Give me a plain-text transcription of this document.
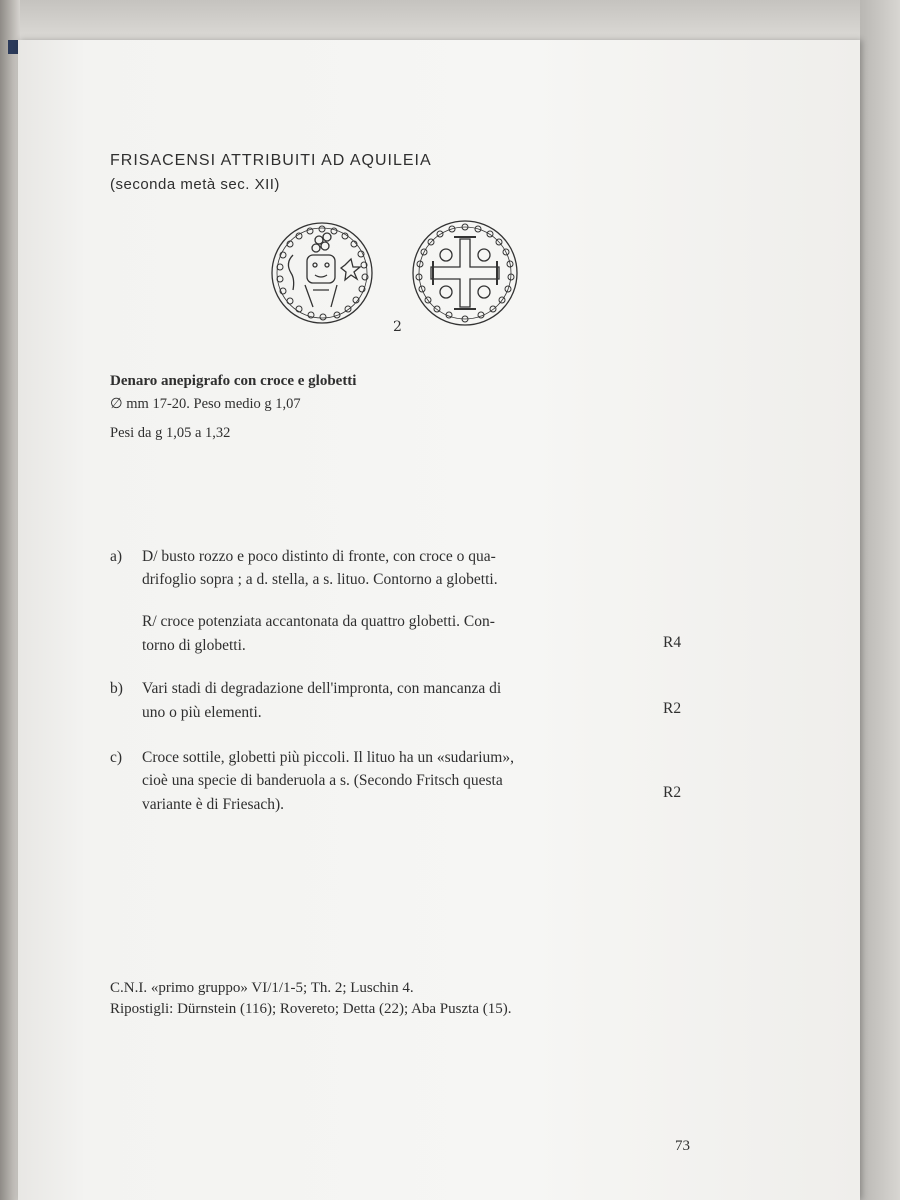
FRISACENSI ATTRIBUITI AD AQUILEIA
(seconda metà sec. XII)
2
Denaro anepigrafo con croce e globetti
∅ mm 17-20. Peso medio g 1,07
Pesi da g 1,05 a 1,32
a) D/ busto rozzo e poco distinto di fronte, con croce o qua-
drifoglio sopra ; a d. stella, a s. lituo. Contorno a globetti.
R/ croce potenziata accantonata da quattro globetti. Con-
torno di globetti.	R4
b) Vari stadi di degradazione dell'impronta, con mancanza di
uno o più elementi.	R2
c) Croce sottile, globetti più piccoli. Il lituo ha un «sudarium»,
cioè una specie di banderuola a s. (Secondo Fritsch questa
variante è di Friesach).
R2
C.N.I. «primo gruppo» VI/1/1-5; Th. 2; Luschin 4.
Ripostigli: Dürnstein (116); Rovereto; Detta (22); Aba Puszta (15).
73
